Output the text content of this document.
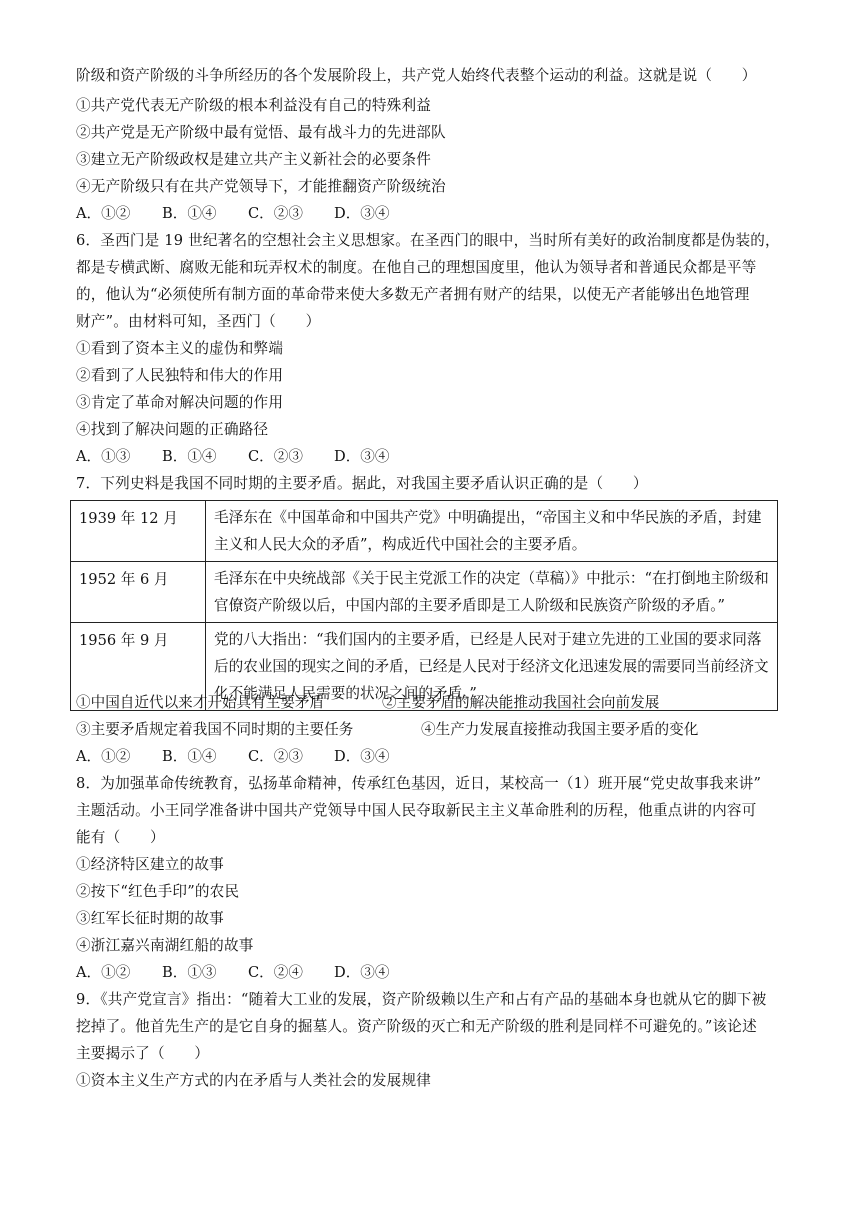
阶级和资产阶级的斗争所经历的各个发展阶段上，共产党人始终代表整个运动的利益。这就是说（　　）
①共产党代表无产阶级的根本利益没有自己的特殊利益
②共产党是无产阶级中最有觉悟、最有战斗力的先进部队
③建立无产阶级政权是建立共产主义新社会的必要条件
④无产阶级只有在共产党领导下，才能推翻资产阶级统治
A．①② B．①④ C．②③ D．③④
6．圣西门是 19 世纪著名的空想社会主义思想家。在圣西门的眼中，当时所有美好的政治制度都是伪装的，
都是专横武断、腐败无能和玩弄权术的制度。在他自己的理想国度里，他认为领导者和普通民众都是平等
的，他认为“必须使所有制方面的革命带来使大多数无产者拥有财产的结果，以使无产者能够出色地管理
财产”。由材料可知，圣西门（　　）
①看到了资本主义的虚伪和弊端
②看到了人民独特和伟大的作用
③肯定了革命对解决问题的作用
④找到了解决问题的正确路径
A．①③ B．①④ C．②③ D．③④
7．下列史料是我国不同时期的主要矛盾。据此，对我国主要矛盾认识正确的是（　　）
1939 年 12 月	毛泽东在《中国革命和中国共产党》中明确提出，“帝国主义和中华民族的矛盾，封建
主义和人民大众的矛盾”，构成近代中国社会的主要矛盾。

1952 年 6 月	毛泽东在中央统战部《关于民主党派工作的决定（草稿）》中批示：“在打倒地主阶级和
官僚资产阶级以后，中国内部的主要矛盾即是工人阶级和民族资产阶级的矛盾。”

1956 年 9 月	党的八大指出：“我们国内的主要矛盾，已经是人民对于建立先进的工业国的要求同落
后的农业国的现实之间的矛盾，已经是人民对于经济文化迅速发展的需要同当前经济文
化不能满足人民需要的状况之间的矛盾。”
①中国自近代以来才开始具有主要矛盾	②主要矛盾的解决能推动我国社会向前发展
③主要矛盾规定着我国不同时期的主要任务	④生产力发展直接推动我国主要矛盾的变化
A．①② B．①④ C．②③ D．③④
8．为加强革命传统教育，弘扬革命精神，传承红色基因，近日，某校高一（1）班开展“党史故事我来讲”
主题活动。小王同学准备讲中国共产党领导中国人民夺取新民主主义革命胜利的历程，他重点讲的内容可
能有（　　）
①经济特区建立的故事
②按下“红色手印”的农民
③红军长征时期的故事
④浙江嘉兴南湖红船的故事
A．①② B．①③ C．②④ D．③④
9．《共产党宣言》指出：“随着大工业的发展，资产阶级赖以生产和占有产品的基础本身也就从它的脚下被
挖掉了。他首先生产的是它自身的掘墓人。资产阶级的灭亡和无产阶级的胜利是同样不可避免的。”该论述
主要揭示了（　　）
①资本主义生产方式的内在矛盾与人类社会的发展规律
